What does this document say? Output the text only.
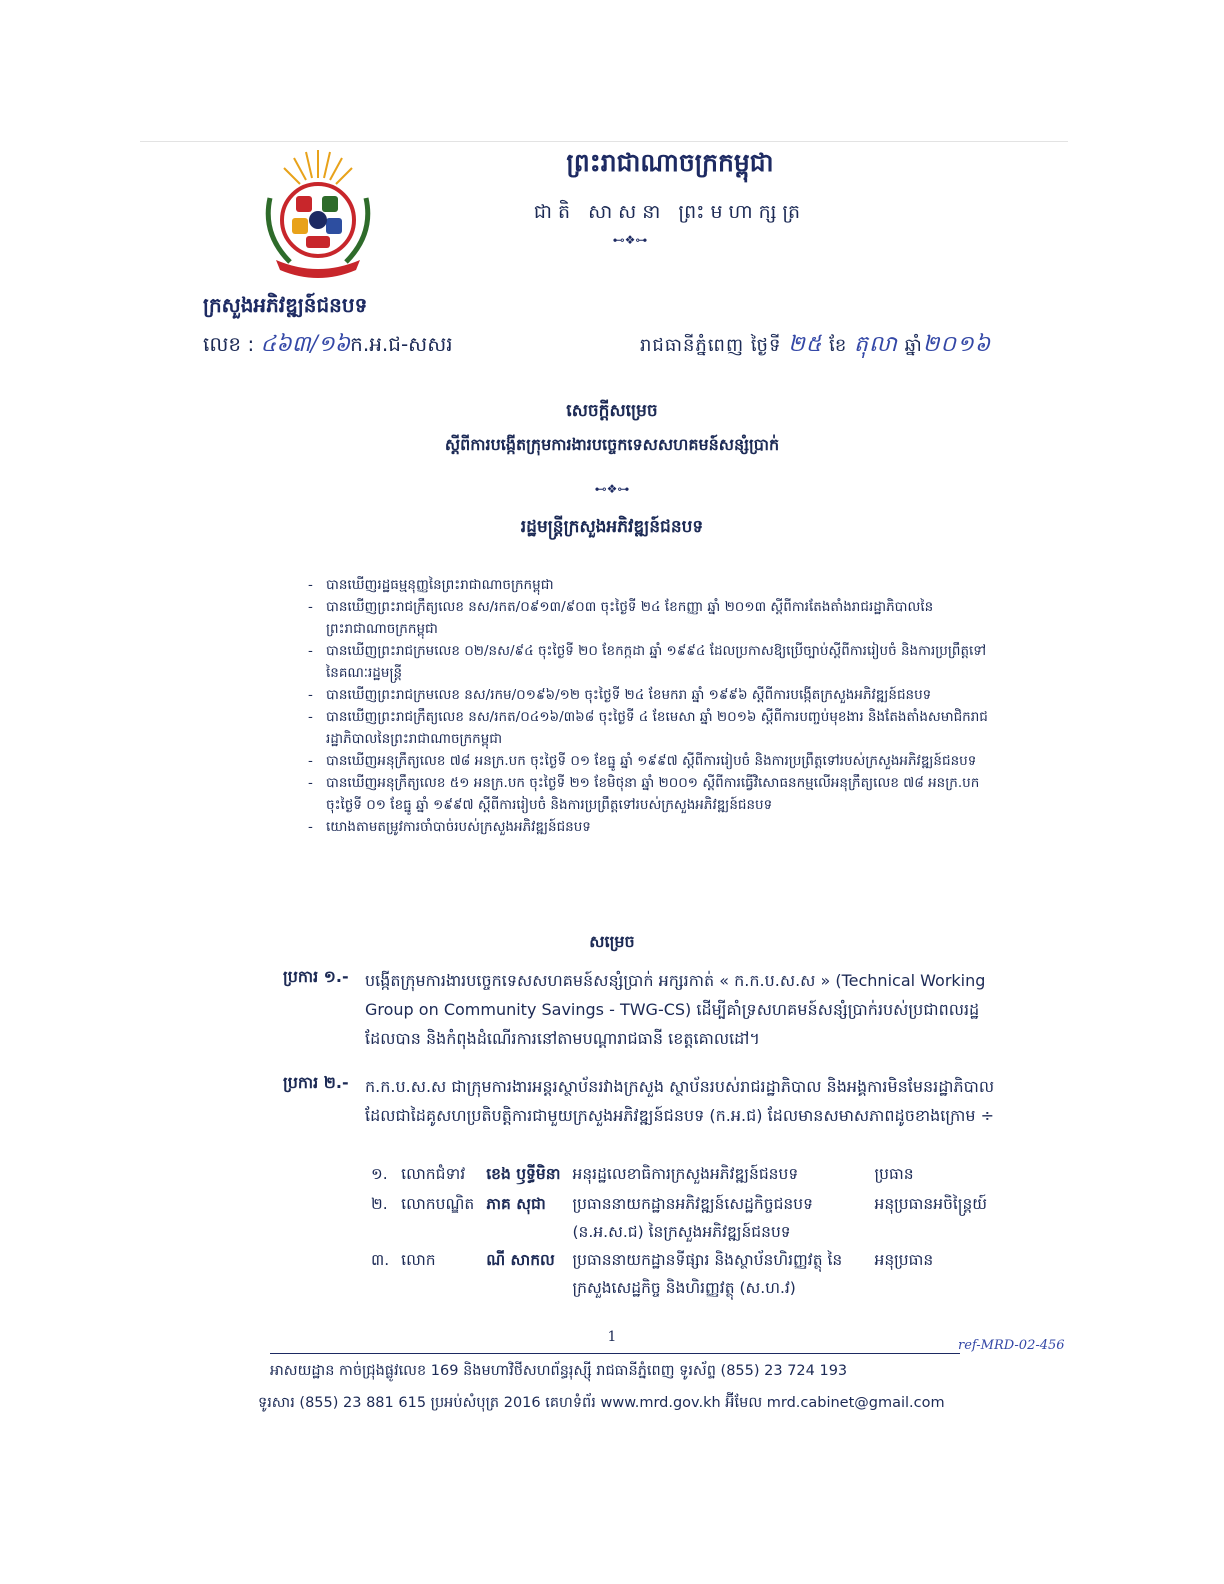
ព្រះរាជាណាចក្រកម្ពុជា
ជាតិ សាសនា ព្រះមហាក្សត្រ
⊷❖⊶
ក្រសួងអភិវឌ្ឍន៍ជនបទ
លេខ : ៤៦៣/១៦ក.អ.ជ-សសរ	រាជធានីភ្នំពេញ ថ្ងៃទី ២៥ ខែ តុលា ឆ្នាំ២០១៦
សេចក្តីសម្រេច
ស្តីពីការបង្កើតក្រុមការងារបច្ចេកទេសសហគមន៍សន្សំប្រាក់
⊷❖⊶
រដ្ឋមន្ត្រីក្រសួងអភិវឌ្ឍន៍ជនបទ
- បានឃើញរដ្ឋធម្មនុញ្ញនៃព្រះរាជាណាចក្រកម្ពុជា
- បានឃើញព្រះរាជក្រឹត្យលេខ នស/រកត/០៩១៣/៩០៣ ចុះថ្ងៃទី ២៤ ខែកញ្ញា ឆ្នាំ ២០១៣ ស្តីពីការតែងតាំងរាជរដ្ឋាភិបាលនៃព្រះរាជាណាចក្រកម្ពុជា
- បានឃើញព្រះរាជក្រមលេខ ០២/នស/៩៤ ចុះថ្ងៃទី ២០ ខែកក្កដា ឆ្នាំ ១៩៩៤ ដែលប្រកាសឱ្យប្រើច្បាប់ស្តីពីការរៀបចំ និងការប្រព្រឹត្តទៅនៃគណៈរដ្ឋមន្ត្រី
- បានឃើញព្រះរាជក្រមលេខ នស/រកម/០១៩៦/១២ ចុះថ្ងៃទី ២៤ ខែមករា ឆ្នាំ ១៩៩៦ ស្តីពីការបង្កើតក្រសួងអភិវឌ្ឍន៍ជនបទ
- បានឃើញព្រះរាជក្រឹត្យលេខ នស/រកត/០៤១៦/៣៦៨ ចុះថ្ងៃទី ៤ ខែមេសា ឆ្នាំ ២០១៦ ស្តីពីការបញ្ចប់មុខងារ និងតែងតាំងសមាជិករាជរដ្ឋាភិបាលនៃព្រះរាជាណាចក្រកម្ពុជា
- បានឃើញអនុក្រឹត្យលេខ ៧៨ អនក្រ.បក ចុះថ្ងៃទី ០១ ខែធ្នូ ឆ្នាំ ១៩៩៧ ស្តីពីការរៀបចំ និងការប្រព្រឹត្តទៅរបស់ក្រសួងអភិវឌ្ឍន៍ជនបទ
- បានឃើញអនុក្រឹត្យលេខ ៥១ អនក្រ.បក ចុះថ្ងៃទី ២១ ខែមិថុនា ឆ្នាំ ២០០១ ស្តីពីការធ្វើវិសោធនកម្មលើអនុក្រឹត្យលេខ ៧៨ អនក្រ.បក ចុះថ្ងៃទី ០១ ខែធ្នូ ឆ្នាំ ១៩៩៧ ស្តីពីការរៀបចំ និងការប្រព្រឹត្តទៅរបស់ក្រសួងអភិវឌ្ឍន៍ជនបទ
- យោងតាមតម្រូវការចាំបាច់របស់ក្រសួងអភិវឌ្ឍន៍ជនបទ
សម្រេច
ប្រការ ១.- បង្កើតក្រុមការងារបច្ចេកទេសសហគមន៍សន្សំប្រាក់ អក្សរកាត់ « ក.ក.ប.ស.ស » (Technical Working Group on Community Savings - TWG-CS) ដើម្បីគាំទ្រសហគមន៍សន្សំប្រាក់របស់ប្រជាពលរដ្ឋដែលបាន និងកំពុងដំណើរការនៅតាមបណ្តារាជធានី ខេត្តគោលដៅ។
ប្រការ ២.- ក.ក.ប.ស.ស ជាក្រុមការងារអន្តរស្ថាប័នរវាងក្រសួង ស្ថាប័នរបស់រាជរដ្ឋាភិបាល និងអង្គការមិនមែនរដ្ឋាភិបាលដែលជាដៃគូសហប្រតិបត្តិការជាមួយក្រសួងអភិវឌ្ឍន៍ជនបទ (ក.អ.ជ) ដែលមានសមាសភាពដូចខាងក្រោម ÷
១.	លោកជំទាវ	ខេង ឫទ្ធីមិនា	អនុរដ្ឋលេខាធិការក្រសួងអភិវឌ្ឍន៍ជនបទ	ប្រធាន
២.	លោកបណ្ឌិត	ភាគ សុជា	ប្រធាននាយកដ្ឋានអភិវឌ្ឍន៍សេដ្ឋកិច្ចជនបទ (ន.អ.ស.ជ) នៃក្រសួងអភិវឌ្ឍន៍ជនបទ	អនុប្រធានអចិន្ត្រៃយ៍
៣.	លោក	ណី សាកល	ប្រធាននាយកដ្ឋានទីផ្សារ និងស្ថាប័នហិរញ្ញវត្ថុ នៃក្រសួងសេដ្ឋកិច្ច និងហិរញ្ញវត្ថុ (ស.ហ.វ)	អនុប្រធាន
1
ref-MRD-02-456
អាសយដ្ឋាន កាច់ជ្រុងផ្លូវលេខ 169 និងមហាវិថីសហព័ន្ធរុស្ស៊ី រាជធានីភ្នំពេញ ទូរស័ព្ទ (855) 23 724 193
ទូរសារ (855) 23 881 615 ប្រអប់សំបុត្រ 2016 គេហទំព័រ www.mrd.gov.kh អ៊ីមែល mrd.cabinet@gmail.com
